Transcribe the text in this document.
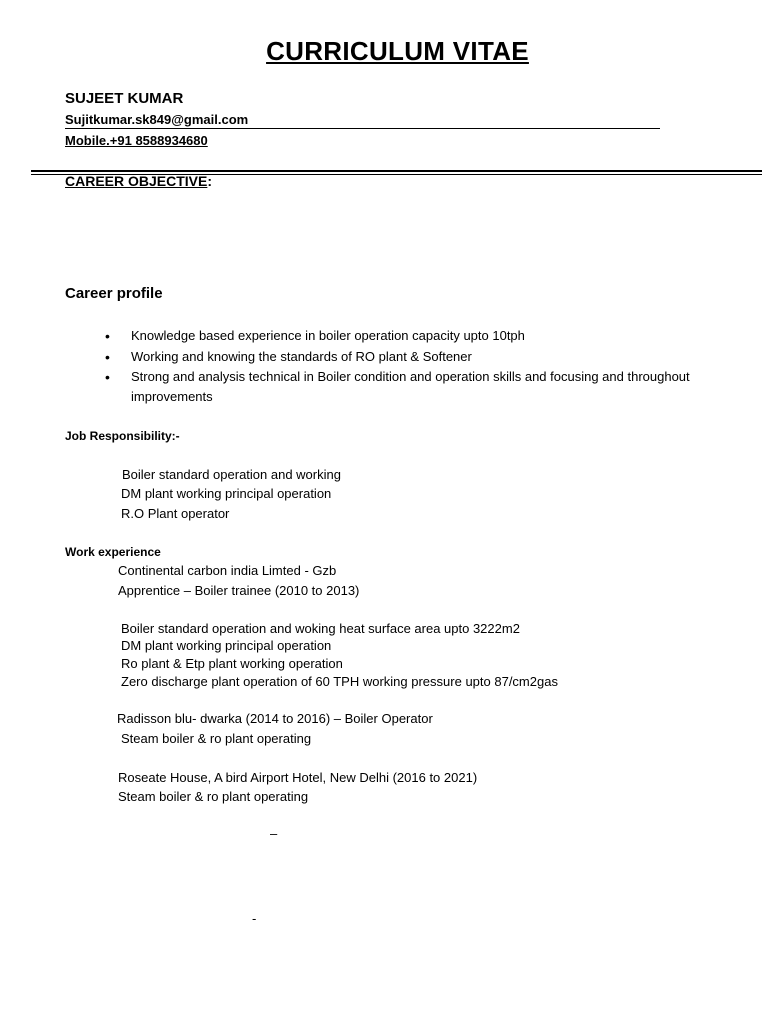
CURRICULUM VITAE
SUJEET KUMAR
Sujitkumar.sk849@gmail.com
Mobile.+91 8588934680
CAREER OBJECTIVE:
Career profile
• Knowledge based experience in boiler operation capacity upto 10tph
• Working and knowing the standards of RO plant & Softener
• Strong and analysis technical in Boiler condition and operation skills and focusing and throughout improvements
Job Responsibility:-
Boiler standard operation and working
DM plant working principal operation
R.O Plant operator
Work experience
Continental carbon india Limted - Gzb
Apprentice – Boiler trainee (2010 to 2013)
Boiler standard operation and woking heat surface area upto 3222m2
DM plant working principal operation
Ro plant & Etp plant working operation
Zero discharge plant operation of 60 TPH working pressure upto 87/cm2gas
Radisson blu- dwarka (2014 to 2016) – Boiler Operator
Steam boiler & ro plant operating
Roseate House, A bird Airport Hotel, New Delhi (2016 to 2021)
Steam boiler & ro plant operating
–
-
